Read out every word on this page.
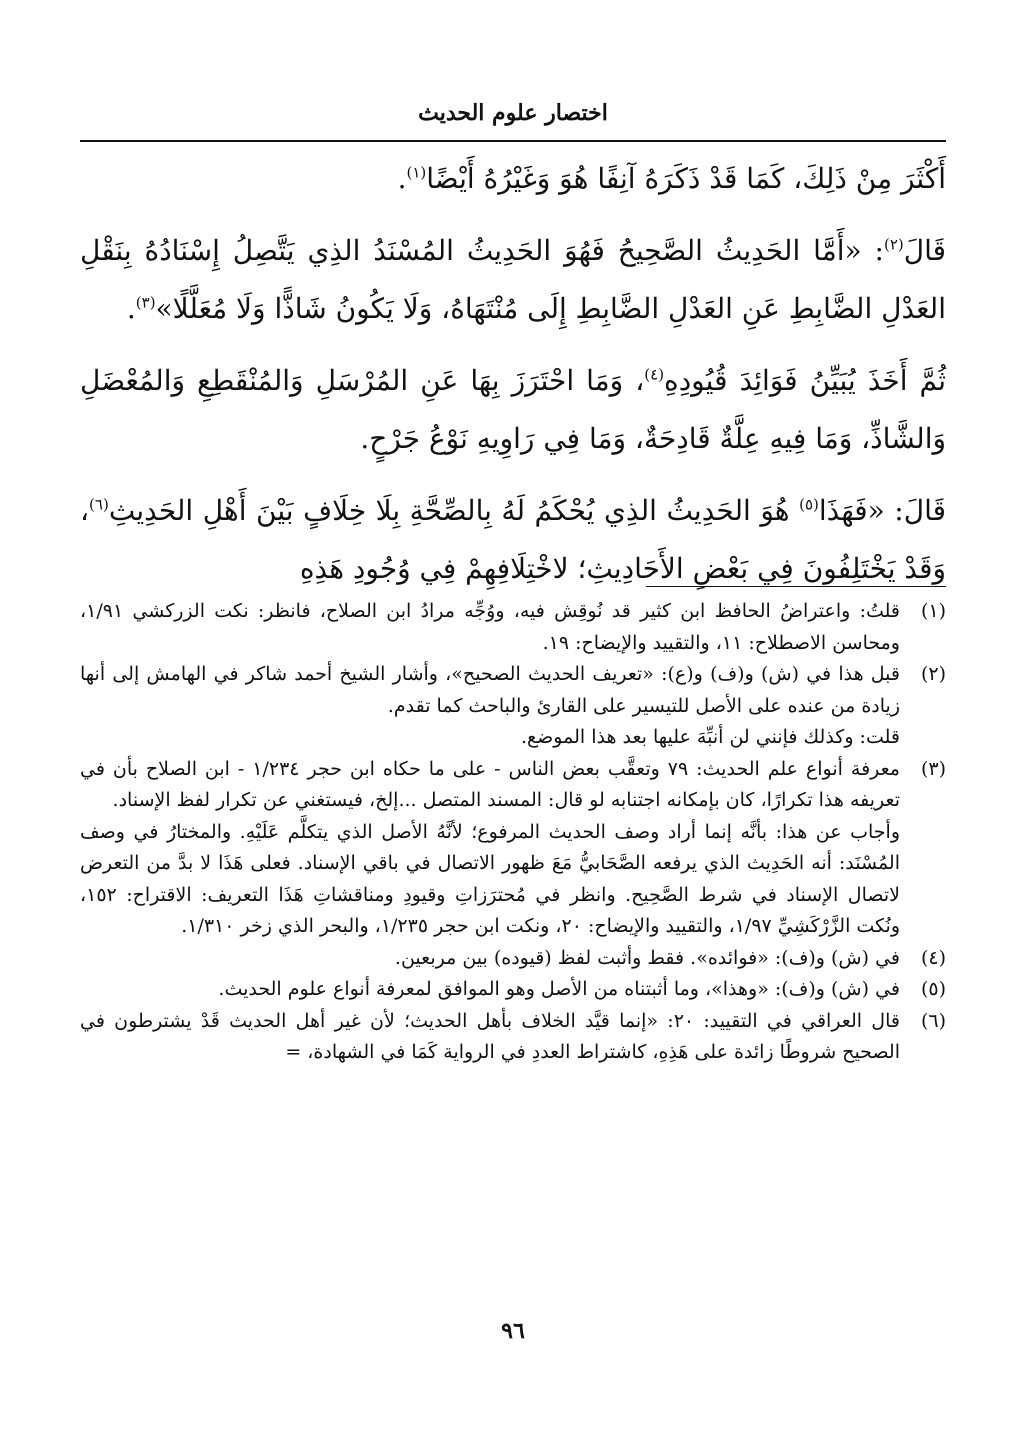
اختصار علوم الحديث

أَكْثَرَ مِنْ ذَلِكَ، كَمَا قَدْ ذَكَرَهُ آنِفًا هُوَ وَغَيْرُهُ أَيْضًا$^{(١)}$.

قَالَ$^{(٢)}$: «أَمَّا الحَدِيثُ الصَّحِيحُ فَهُوَ الحَدِيثُ المُسْنَدُ الذِي يَتَّصِلُ إِسْنَادُهُ بِنَقْلِ العَدْلِ الضَّابِطِ عَنِ العَدْلِ الضَّابِطِ إِلَى مُنْتَهَاهُ، وَلَا يَكُونُ شَاذًّا وَلَا مُعَلَّلًا»$^{(٣)}$.

ثُمَّ أَخَذَ يُبَيِّنُ فَوَائِدَ قُيُودِهِ$^{(٤)}$، وَمَا احْتَرَزَ بِهَا عَنِ المُرْسَلِ وَالمُنْقَطِعِ وَالمُعْضَلِ وَالشَّاذِّ، وَمَا فِيهِ عِلَّةٌ قَادِحَةٌ، وَمَا فِي رَاوِيهِ نَوْعُ جَرْحٍ.

قَالَ: «فَهَذَا$^{(٥)}$ هُوَ الحَدِيثُ الذِي يُحْكَمُ لَهُ بِالصِّحَّةِ بِلَا خِلَافٍ بَيْنَ أَهْلِ الحَدِيثِ$^{(٦)}$، وَقَدْ يَخْتَلِفُونَ فِي بَعْضِ الأَحَادِيثِ؛ لاخْتِلَافِهِمْ فِي وُجُودِ هَذِهِ

(١)

قلتُ: واعتراضُ الحافظ ابن كثير قد نُوقِش فيه، ووُجِّه مرادُ ابن الصلاح، فانظر: نكت الزركشي ١/٩١، ومحاسن الاصطلاح: ١١، والتقييد والإيضاح: ١٩.

(٢)

قبل هذا في (ش) و(ف) و(ع): «تعريف الحديث الصحيح»، وأشار الشيخ أحمد شاكر في الهامش إلى أنها زيادة من عنده على الأصل للتيسير على القارئ والباحث كما تقدم.

قلت: وكذلك فإنني لن أنبِّهَ عليها بعد هذا الموضع.

(٣)

معرفة أنواع علم الحديث: ٧٩ وتعقَّب بعض الناس - على ما حكاه ابن حجر ١/٢٣٤ - ابن الصلاح بأن في تعريفه هذا تكرارًا، كان بإمكانه اجتنابه لو قال: المسند المتصل ...إلخ، فيستغني عن تكرار لفظ الإسناد.

وأجاب عن هذا: بأنَّه إنما أراد وصف الحديث المرفوع؛ لأنَّهُ الأصل الذي يتكلَّم عَلَيْهِ. والمختارُ في وصف المُسْنَد: أنه الحَدِيث الذي يرفعه الصَّحَابيُّ مَعَ ظهور الاتصال في باقي الإسناد. فعلى هَذَا لا بدَّ من التعرض لاتصال الإسناد في شرط الصَّحِيح. وانظر في مُحترَزاتِ وقيودِ ومناقشاتِ هَذَا التعريف: الاقتراح: ١٥٢، ونُكت الزَّرْكَشِيِّ ١/٩٧، والتقييد والإيضاح: ٢٠، ونكت ابن حجر ١/٢٣٥، والبحر الذي زخر ١/٣١٠.

(٤)

في (ش) و(ف): «فوائده». فقط وأثبت لفظ (قيوده) بين مربعين.

(٥)

في (ش) و(ف): «وهذا»، وما أثبتناه من الأصل وهو الموافق لمعرفة أنواع علوم الحديث.

(٦)

قال العراقي في التقييد: ٢٠: «إنما قيَّد الخلاف بأهل الحديث؛ لأن غير أهل الحديث قَدْ يشترطون في الصحيح شروطًا زائدة على هَذِهِ، كاشتراط العددِ في الرواية كَمَا في الشهادة، =

٩٦
